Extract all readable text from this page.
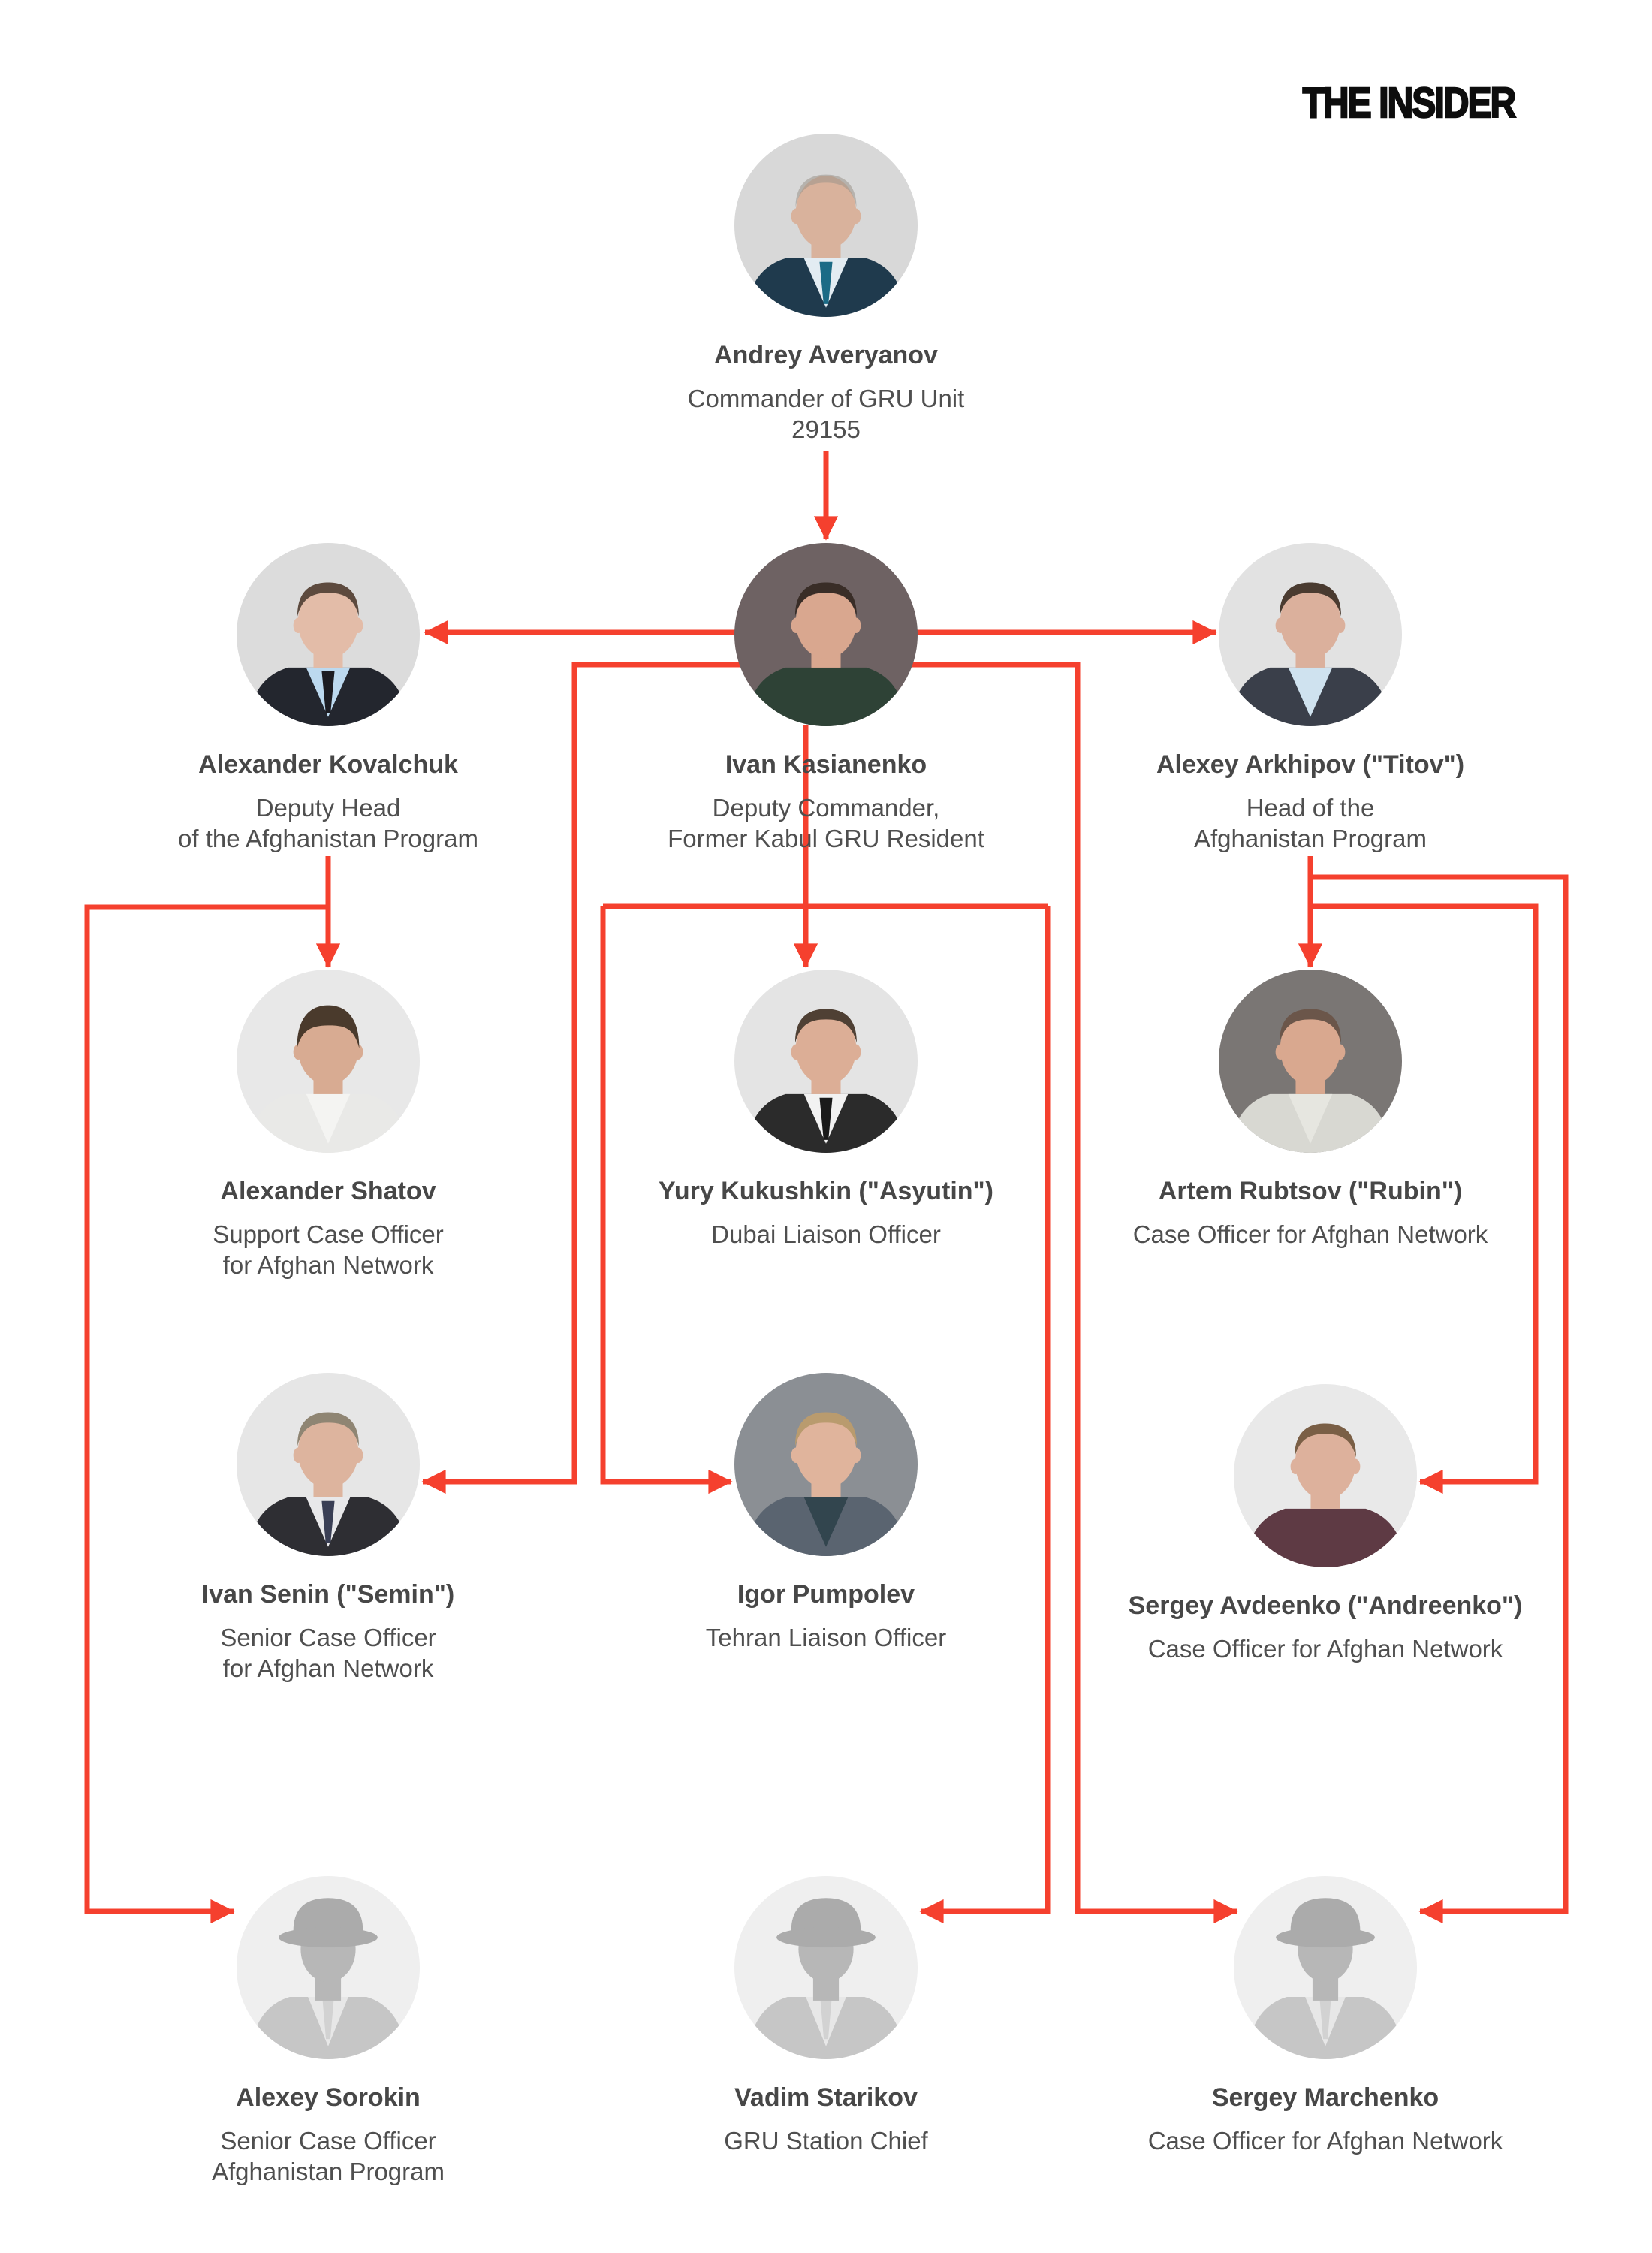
THE INSIDER
Andrey Averyanov
Commander of GRU Unit
29155
Alexander Kovalchuk
Deputy Head
of the Afghanistan Program
Ivan Kasianenko
Deputy Commander,
Former Kabul GRU Resident
Alexey Arkhipov ("Titov")
Head of the
Afghanistan Program
Alexander Shatov
Support Case Officer
for Afghan Network
Yury Kukushkin ("Asyutin")
Dubai Liaison Officer
Artem Rubtsov ("Rubin")
Case Officer for Afghan Network
Ivan Senin ("Semin")
Senior Case Officer
for Afghan Network
Igor Pumpolev
Tehran Liaison Officer
Sergey Avdeenko ("Andreenko")
Case Officer for Afghan Network
Alexey Sorokin
Senior Case Officer
Afghanistan Program
Vadim Starikov
GRU Station Chief
Sergey Marchenko
Case Officer for Afghan Network
